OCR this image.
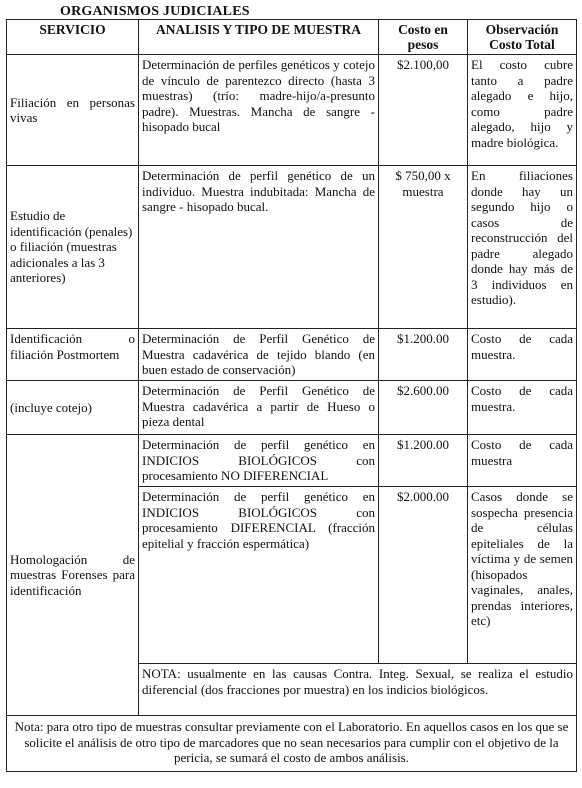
ORGANISMOS JUDICIALES
SERVICIO	ANALISIS Y TIPO DE MUESTRA	Costo en pesos	Observación Costo Total
Filiación en personas vivas	Determinación de perfiles genéticos y cotejo de vínculo de parentezco directo (hasta 3 muestras) (trío: madre-hijo/a-presunto padre). Muestras. Mancha de sangre - hisopado bucal	$2.100,00	El costo cubre tanto a padre alegado e hijo, como padre alegado, hijo y madre biológica.
Estudio de identificación (penales) o filiación (muestras adicionales a las 3 anteriores)	Determinación de perfil genético de un individuo. Muestra indubitada: Mancha de sangre - hisopado bucal.	$ 750,00 x muestra	En filiaciones donde hay un segundo hijo o casos de reconstrucción del padre alegado donde hay más de 3 individuos en estudio).
Identificación o filiación Postmortem	Determinación de Perfil Genético de Muestra cadavérica de tejido blando (en buen estado de conservación)	$1.200.00	Costo de cada muestra.
(incluye cotejo)	Determinación de Perfil Genético de Muestra cadavérica a partir de Hueso o pieza dental	$2.600.00	Costo de cada muestra.
Homologación de muestras Forenses para identificación	Determinación de perfil genético en INDICIOS BIOLÓGICOS con procesamiento NO DIFERENCIAL	$1.200.00	Costo de cada muestra
	Determinación de perfil genético en INDICIOS BIOLÓGICOS con procesamiento DIFERENCIAL (fracción epitelial y fracción espermática)	$2.000.00	Casos donde se sospecha presencia de células epiteliales de la víctima y de semen (hisopados vaginales, anales, prendas interiores, etc)
	NOTA: usualmente en las causas Contra. Integ. Sexual, se realiza el estudio diferencial (dos fracciones por muestra) en los indicios biológicos.		
Nota: para otro tipo de muestras consultar previamente con el Laboratorio. En aquellos casos en los que se solicite el análisis de otro tipo de marcadores que no sean necesarios para cumplir con el objetivo de la pericia, se sumará el costo de ambos análisis.			
